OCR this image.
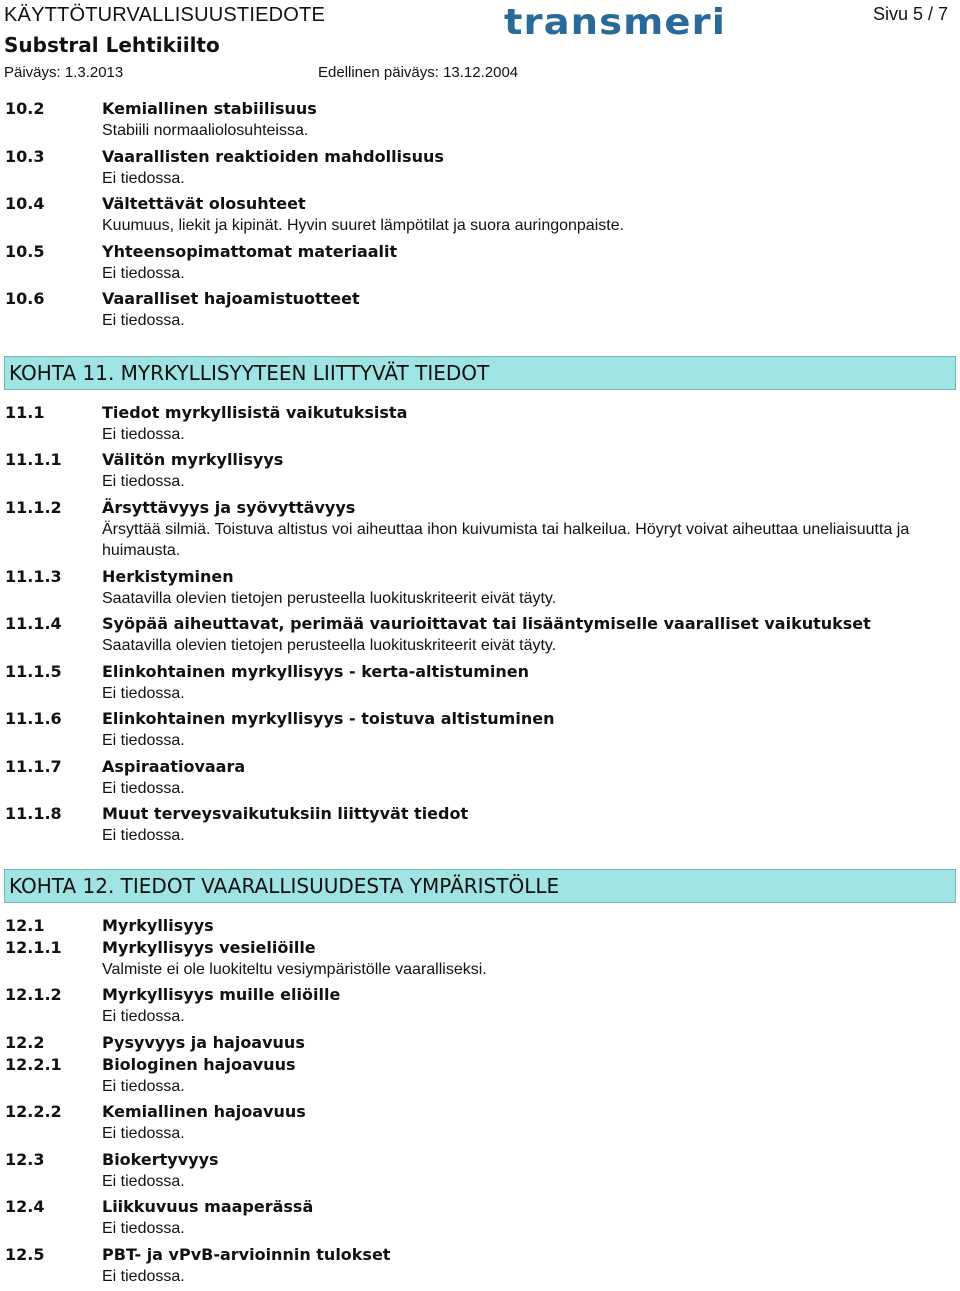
KÄYTTÖTURVALLISUUSTIEDOTE
Substral Lehtikiilto
Päiväys: 1.3.2013	Edellinen päiväys: 13.12.2004
transmeri	Sivu 5 / 7
10.2	Kemiallinen stabiilisuus
Stabiili normaaliolosuhteissa.
10.3	Vaarallisten reaktioiden mahdollisuus
Ei tiedossa.
10.4	Vältettävät olosuhteet
Kuumuus, liekit ja kipinät. Hyvin suuret lämpötilat ja suora auringonpaiste.
10.5	Yhteensopimattomat materiaalit
Ei tiedossa.
10.6	Vaaralliset hajoamistuotteet
Ei tiedossa.
KOHTA 11. MYRKYLLISYYTEEN LIITTYVÄT TIEDOT
11.1	Tiedot myrkyllisistä vaikutuksista
Ei tiedossa.
11.1.1	Välitön myrkyllisyys
Ei tiedossa.
11.1.2	Ärsyttävyys ja syövyttävyys
Ärsyttää silmiä. Toistuva altistus voi aiheuttaa ihon kuivumista tai halkeilua. Höyryt voivat aiheuttaa uneliaisuutta ja huimausta.
11.1.3	Herkistyminen
Saatavilla olevien tietojen perusteella luokituskriteerit eivät täyty.
11.1.4	Syöpää aiheuttavat, perimää vaurioittavat tai lisääntymiselle vaaralliset vaikutukset
Saatavilla olevien tietojen perusteella luokituskriteerit eivät täyty.
11.1.5	Elinkohtainen myrkyllisyys - kerta-altistuminen
Ei tiedossa.
11.1.6	Elinkohtainen myrkyllisyys - toistuva altistuminen
Ei tiedossa.
11.1.7	Aspiraatiovaara
Ei tiedossa.
11.1.8	Muut terveysvaikutuksiin liittyvät tiedot
Ei tiedossa.
KOHTA 12. TIEDOT VAARALLISUUDESTA YMPÄRISTÖLLE
12.1	Myrkyllisyys
12.1.1	Myrkyllisyys vesieliöille
Valmiste ei ole luokiteltu vesiympäristölle vaaralliseksi.
12.1.2	Myrkyllisyys muille eliöille
Ei tiedossa.
12.2	Pysyvyys ja hajoavuus
12.2.1	Biologinen hajoavuus
Ei tiedossa.
12.2.2	Kemiallinen hajoavuus
Ei tiedossa.
12.3	Biokertyvyys
Ei tiedossa.
12.4	Liikkuvuus maaperässä
Ei tiedossa.
12.5	PBT- ja vPvB-arvioinnin tulokset
Ei tiedossa.
